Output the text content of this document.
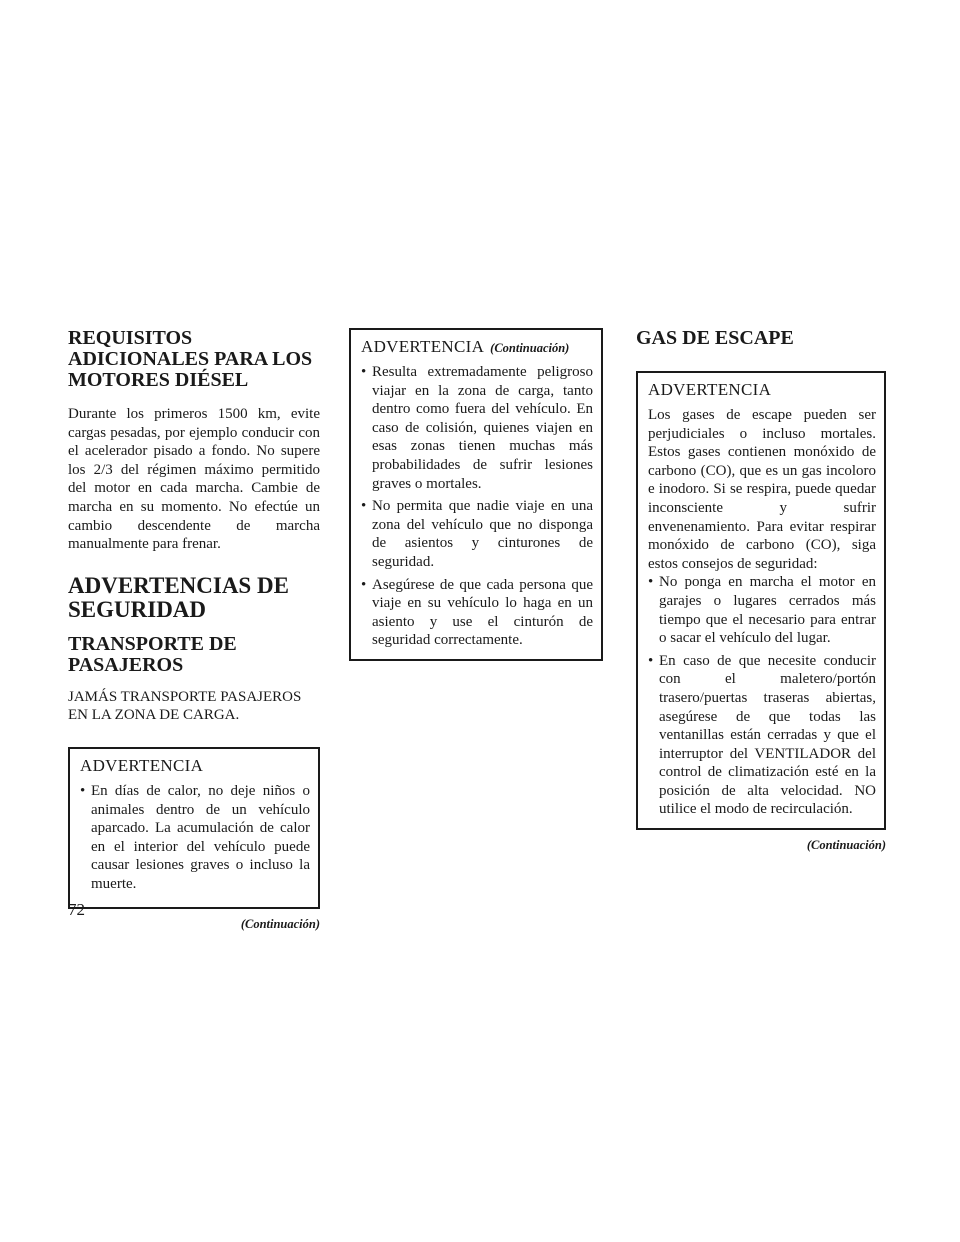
REQUISITOS ADICIONALES PARA LOS MOTORES DIÉSEL

Durante los primeros 1500 km, evite cargas pesadas, por ejemplo conducir con el acelerador pisado a fondo. No supere los 2/3 del régimen máximo permitido del motor en cada marcha. Cambie de marcha en su momento. No efectúe un cambio descendente de marcha manualmente para frenar.

ADVERTENCIAS DE SEGURIDAD
TRANSPORTE DE PASAJEROS

JAMÁS TRANSPORTE PASAJEROS EN LA ZONA DE CARGA.

ADVERTENCIA
• En días de calor, no deje niños o animales dentro de un vehículo aparcado. La acumulación de calor en el interior del vehículo puede causar lesiones graves o incluso la muerte.
(Continuación)
ADVERTENCIA (Continuación)
• Resulta extremadamente peligroso viajar en la zona de carga, tanto dentro como fuera del vehículo. En caso de colisión, quienes viajen en esas zonas tienen muchas más probabilidades de sufrir lesiones graves o mortales.
• No permita que nadie viaje en una zona del vehículo que no disponga de asientos y cinturones de seguridad.
• Asegúrese de que cada persona que viaje en su vehículo lo haga en un asiento y use el cinturón de seguridad correctamente.
GAS DE ESCAPE
ADVERTENCIA

Los gases de escape pueden ser perjudiciales o incluso mortales. Estos gases contienen monóxido de carbono (CO), que es un gas incoloro e inodoro. Si se respira, puede quedar inconsciente y sufrir envenenamiento. Para evitar respirar monóxido de carbono (CO), siga estos consejos de seguridad:

• No ponga en marcha el motor en garajes o lugares cerrados más tiempo que el necesario para entrar o sacar el vehículo del lugar.
• En caso de que necesite conducir con el maletero/portón trasero/puertas traseras abiertas, asegúrese de que todas las ventanillas están cerradas y que el interruptor del VENTILADOR del control de climatización esté en la posición de alta velocidad. NO utilice el modo de recirculación.
(Continuación)
72
